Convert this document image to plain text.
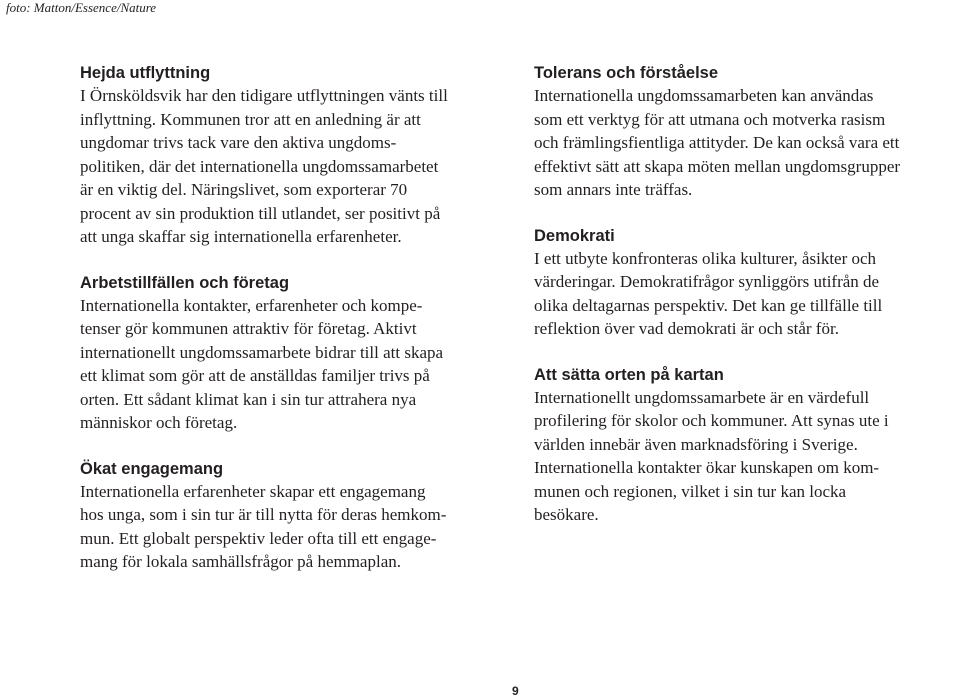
foto: Matton/Essence/Nature
Hejda utflyttning

I Örnsköldsvik har den tidigare utflyttningen vänts till
inflyttning. Kommunen tror att en anledning är att
ungdomar trivs tack vare den aktiva ungdoms-
politiken, där det internationella ungdomssamarbetet
är en viktig del. Näringslivet, som exporterar 70
procent av sin produktion till utlandet, ser positivt på
att unga skaffar sig internationella erfarenheter.

Arbetstillfällen och företag

Internationella kontakter, erfarenheter och kompe-
tenser gör kommunen attraktiv för företag. Aktivt
internationellt ungdomssamarbete bidrar till att skapa
ett klimat som gör att de anställdas familjer trivs på
orten. Ett sådant klimat kan i sin tur attrahera nya
människor och företag.

Ökat engagemang

Internationella erfarenheter skapar ett engagemang
hos unga, som i sin tur är till nytta för deras hemkom-
mun. Ett globalt perspektiv leder ofta till ett engage-
mang för lokala samhällsfrågor på hemmaplan.

Tolerans och förståelse

Internationella ungdomssamarbeten kan användas
som ett verktyg för att utmana och motverka rasism
och främlingsfientliga attityder. De kan också vara ett
effektivt sätt att skapa möten mellan ungdomsgrupper
som annars inte träffas.

Demokrati

I ett utbyte konfronteras olika kulturer, åsikter och
värderingar. Demokratifrågor synliggörs utifrån de
olika deltagarnas perspektiv. Det kan ge tillfälle till
reflektion över vad demokrati är och står för.

Att sätta orten på kartan

Internationellt ungdomssamarbete är en värdefull
profilering för skolor och kommuner. Att synas ute i
världen innebär även marknadsföring i Sverige.
Internationella kontakter ökar kunskapen om kom-
munen och regionen, vilket i sin tur kan locka
besökare.

9
